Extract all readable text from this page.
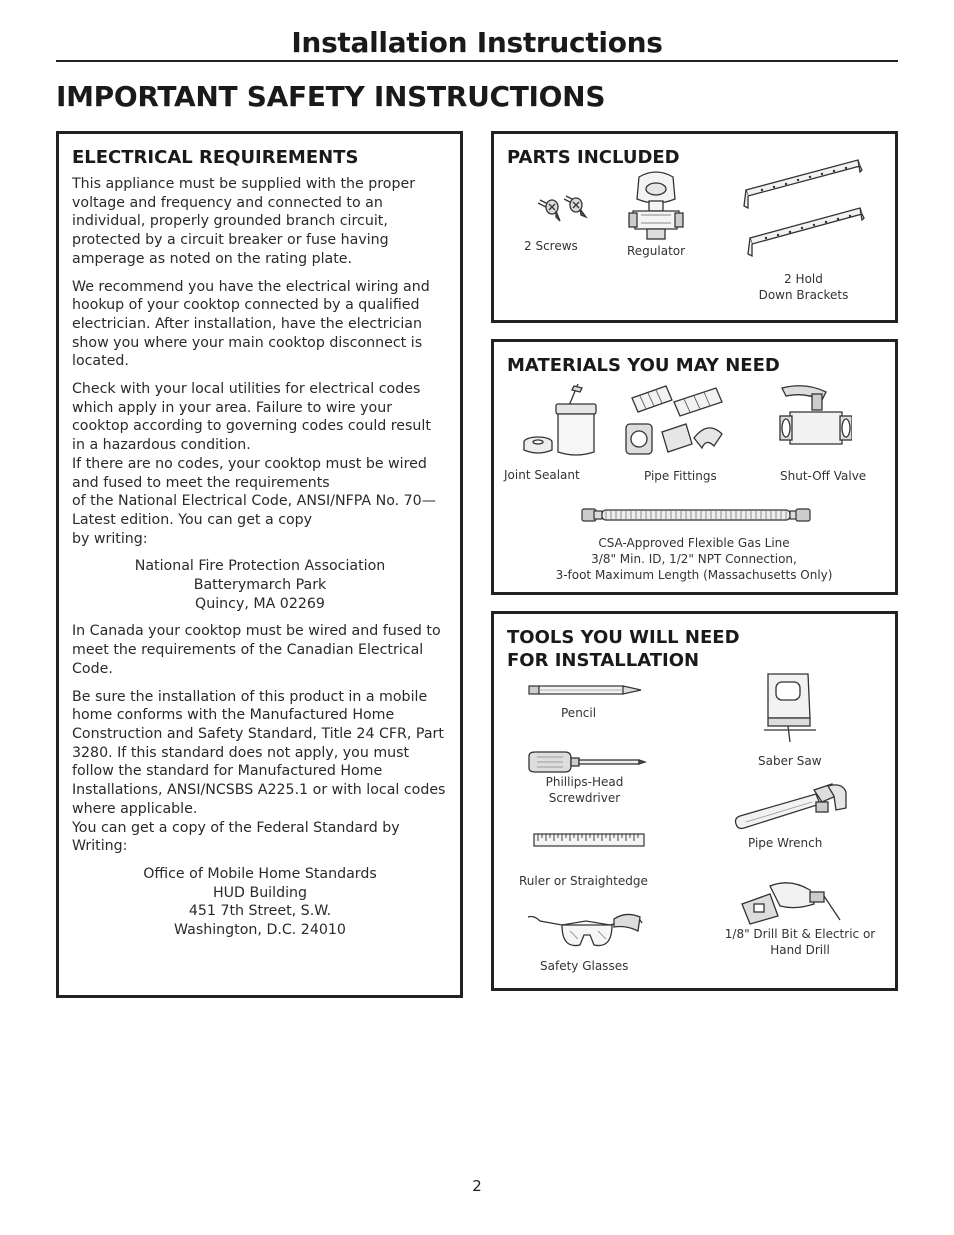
Installation Instructions
IMPORTANT SAFETY INSTRUCTIONS
ELECTRICAL REQUIREMENTS

This appliance must be supplied with the proper voltage and frequency and connected to an individual, properly grounded branch circuit, protected by a circuit breaker or fuse having amperage as noted on the rating plate.

We recommend you have the electrical wiring and hookup of your cooktop connected by a qualified electrician. After installation, have the electrician show you where your main cooktop disconnect is located.

Check with your local utilities for electrical codes which apply in your area. Failure to wire your cooktop according to governing codes could result in a hazardous condition.

If there are no codes, your cooktop must be wired and fused to meet the requirements
of the National Electrical Code, ANSI/NFPA No. 70—Latest edition. You can get a copy
by writing:

National Fire Protection Association
Batterymarch Park
Quincy, MA 02269

In Canada your cooktop must be wired and fused to meet the requirements of the Canadian Electrical Code.

Be sure the installation of this product in a mobile home conforms with the Manufactured Home Construction and Safety Standard, Title 24 CFR, Part 3280. If this standard does not apply, you must follow the standard for Manufactured Home Installations, ANSI/NCSBS A225.1 or with local codes where applicable.

You can get a copy of the Federal Standard by Writing:

Office of Mobile Home Standards
HUD Building
451 7th Street, S.W.
Washington, D.C. 24010
PARTS INCLUDED
2 Screws	Regulator
2 Hold
Down Brackets
MATERIALS YOU MAY NEED
Joint Sealant	Pipe Fittings	Shut-Off Valve
CSA-Approved Flexible Gas Line
3/8" Min. ID, 1/2" NPT Connection,
3-foot Maximum Length (Massachusetts Only)
TOOLS YOU WILL NEED
FOR INSTALLATION
Pencil
Saber Saw
Phillips-Head
Screwdriver
Pipe Wrench
Ruler or Straightedge
1/8" Drill Bit & Electric or
Hand Drill
Safety Glasses
2
